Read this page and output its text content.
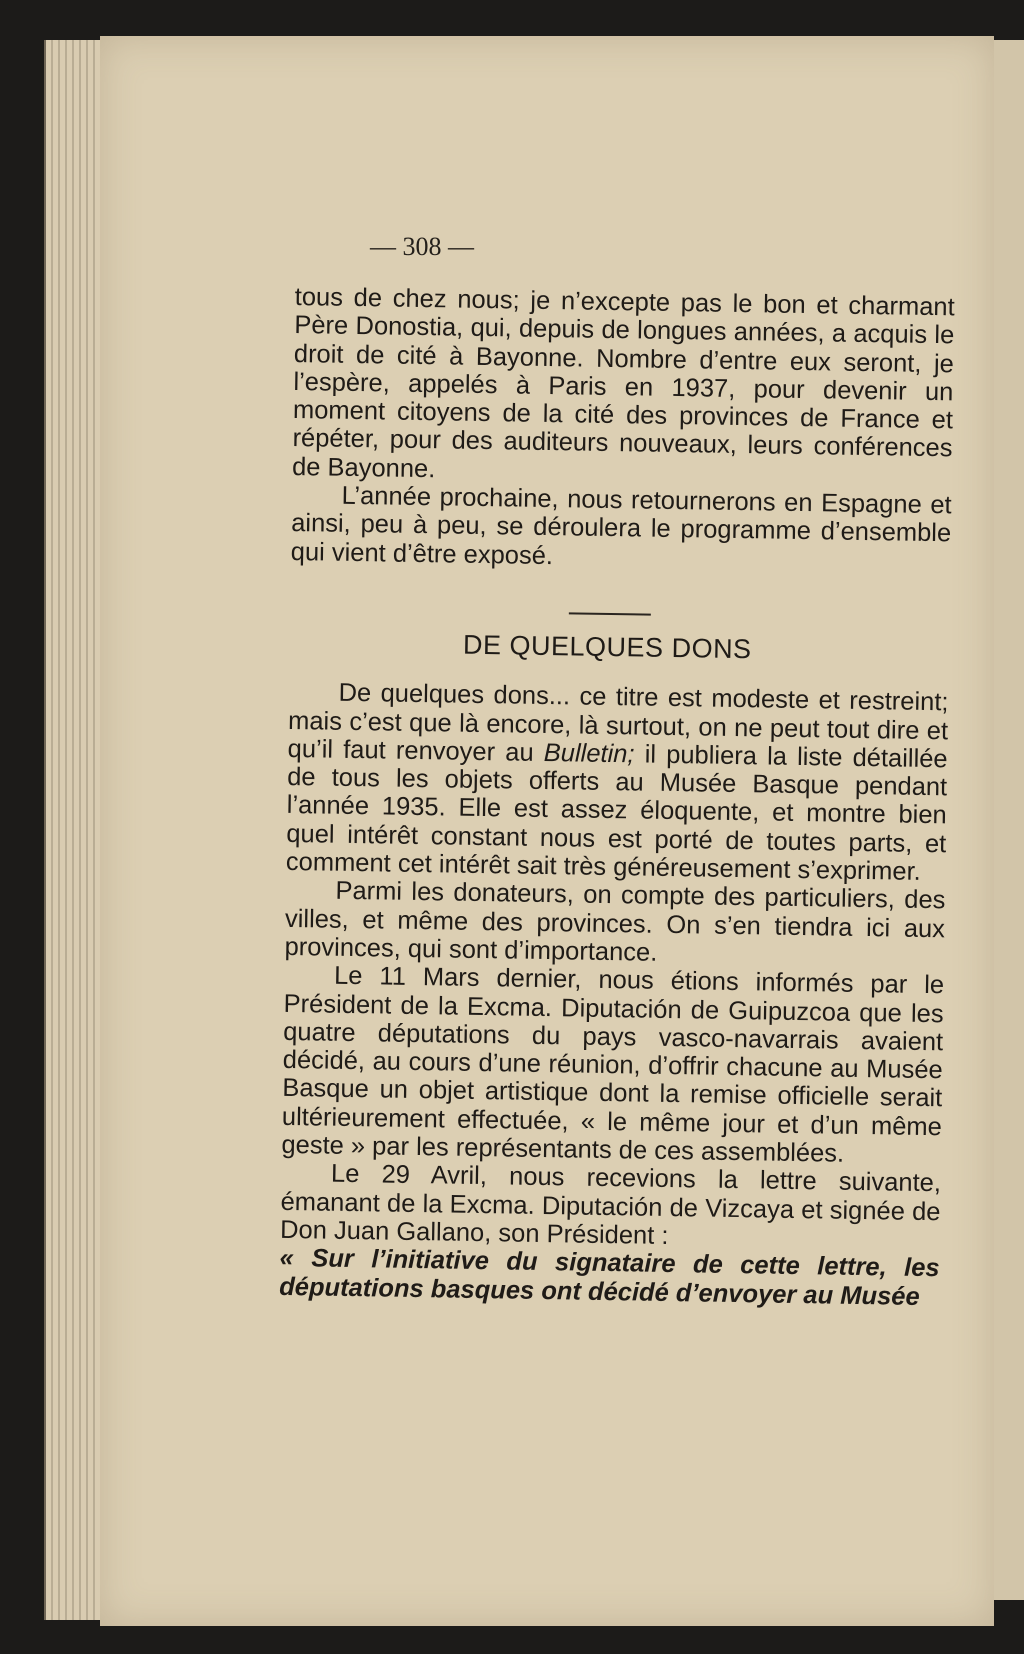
— 308 —

tous de chez nous; je n’excepte pas le bon et charmant Père Donostia, qui, depuis de longues années, a acquis le droit de cité à Bayonne. Nombre d’entre eux seront, je l’espère, appelés à Paris en 1937, pour devenir un moment citoyens de la cité des provinces de France et répéter, pour des auditeurs nouveaux, leurs conférences de Bayonne.

L’année prochaine, nous retournerons en Espagne et ainsi, peu à peu, se déroulera le programme d’ensemble qui vient d’être exposé.

DE QUELQUES DONS

De quelques dons... ce titre est modeste et restreint; mais c’est que là encore, là surtout, on ne peut tout dire et qu’il faut renvoyer au Bulletin; il publiera la liste détaillée de tous les objets offerts au Musée Basque pendant l’année 1935. Elle est assez éloquente, et montre bien quel intérêt constant nous est porté de toutes parts, et comment cet intérêt sait très généreusement s’exprimer.

Parmi les donateurs, on compte des particuliers, des villes, et même des provinces. On s’en tiendra ici aux provinces, qui sont d’importance.

Le 11 Mars dernier, nous étions informés par le Président de la Excma. Diputación de Guipuzcoa que les quatre députations du pays vasco-navarrais avaient décidé, au cours d’une réunion, d’offrir chacune au Musée Basque un objet artistique dont la remise officielle serait ultérieurement effectuée, « le même jour et d’un même geste » par les représentants de ces assemblées.

Le 29 Avril, nous recevions la lettre suivante, émanant de la Excma. Diputación de Vizcaya et signée de Don Juan Gallano, son Président :

« Sur l’initiative du signataire de cette lettre, les députations basques ont décidé d’envoyer au Musée
